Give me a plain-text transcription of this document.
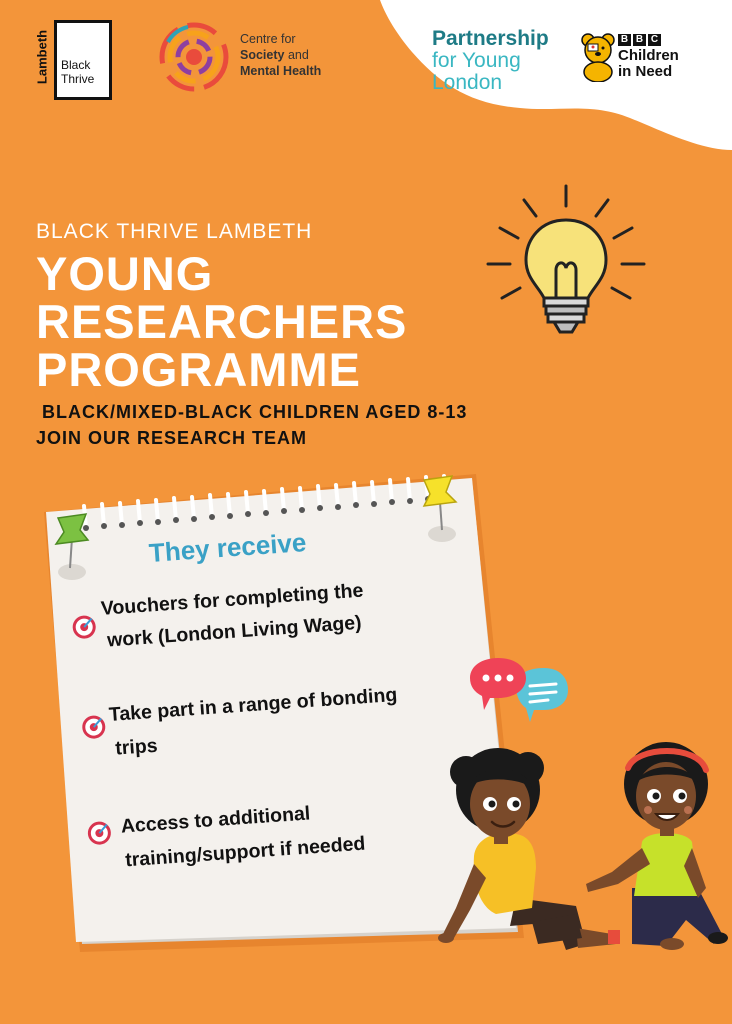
Lambeth Black
Thrive
Centre for
Society and
Mental Health
Partnership
for Young
London
B B C
Children
in Need
BLACK THRIVE LAMBETH
YOUNG
RESEARCHERS
PROGRAMME
BLACK/MIXED-BLACK CHILDREN AGED 8-13
JOIN OUR RESEARCH TEAM
They receive
Vouchers for completing the
work (London Living Wage)
Take part in a range of bonding
trips
Access to additional
training/support if needed
